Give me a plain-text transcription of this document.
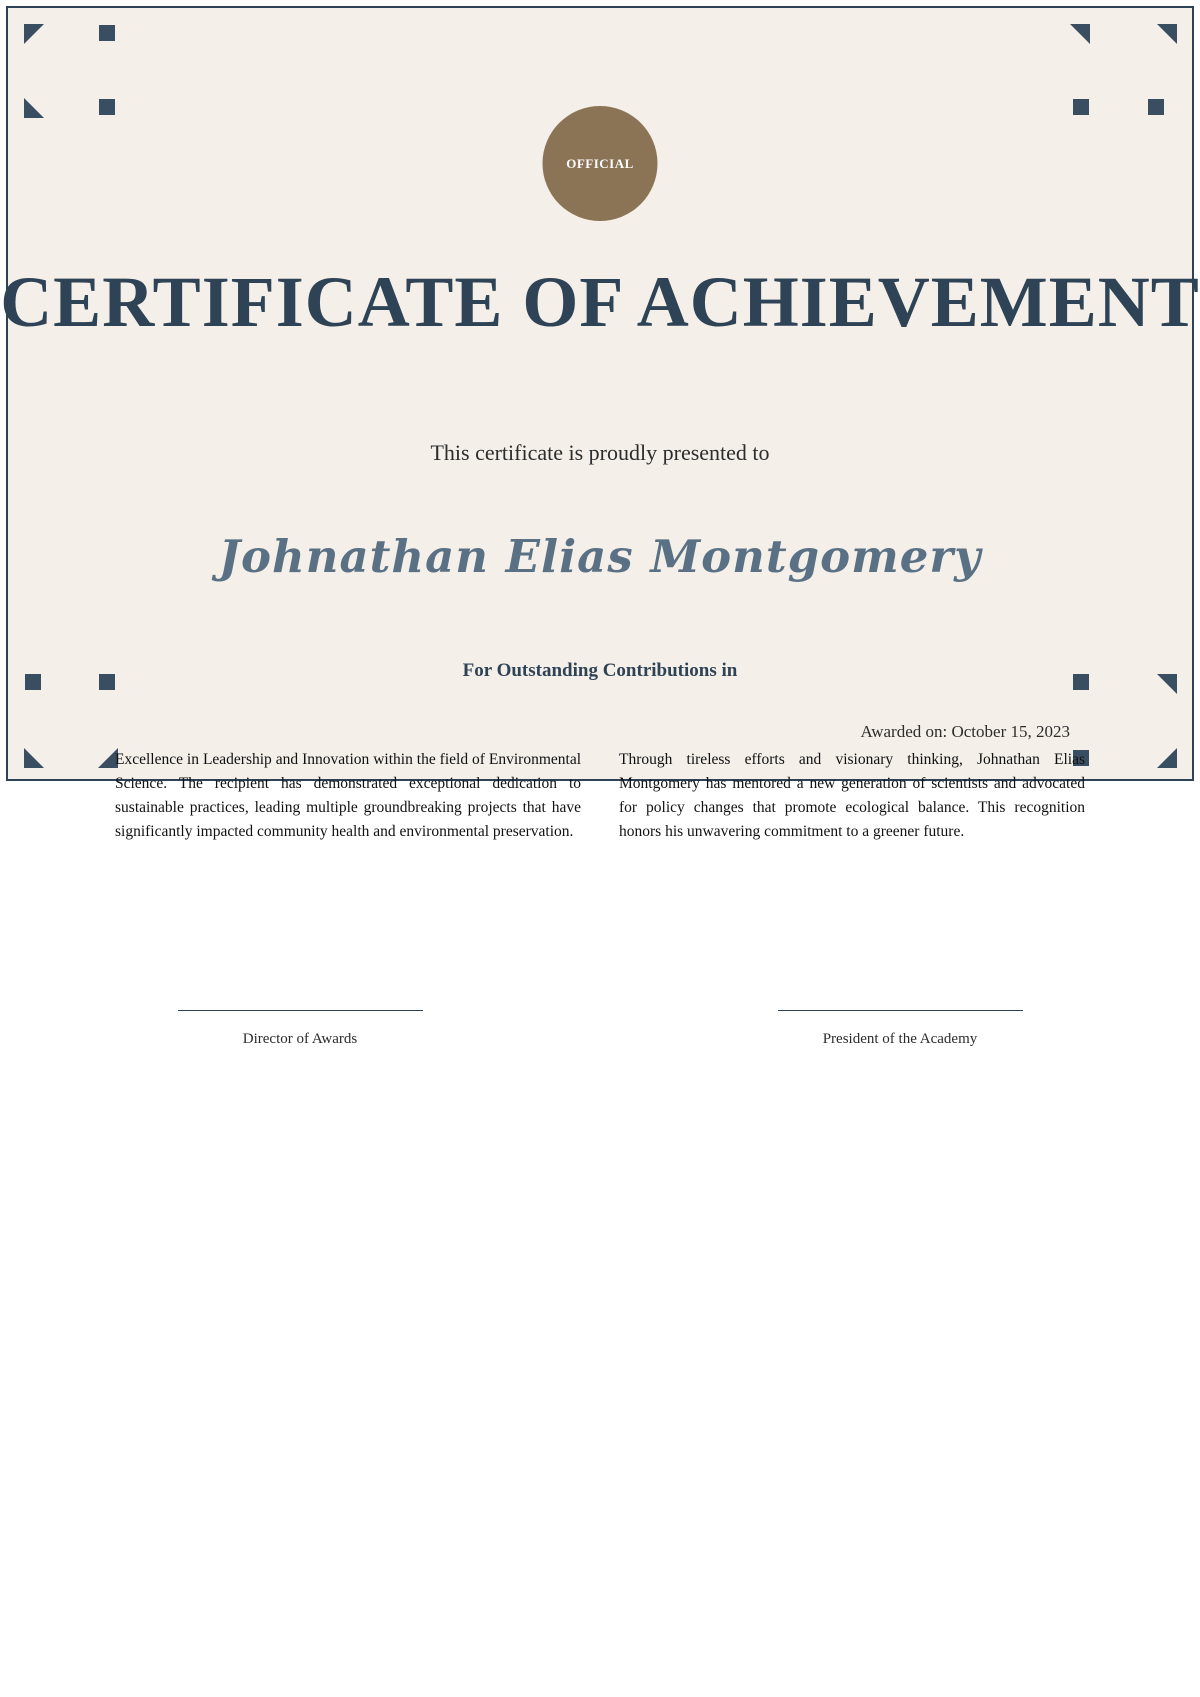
OFFICIAL
CERTIFICATE OF ACHIEVEMENT
This certificate is proudly presented to
Johnathan Elias Montgomery
For Outstanding Contributions in
Awarded on: October 15, 2023
Excellence in Leadership and Innovation within the field of Environmental Science. The recipient has demonstrated exceptional dedication to sustainable practices, leading multiple groundbreaking projects that have significantly impacted community health and environmental preservation.
Through tireless efforts and visionary thinking, Johnathan Elias Montgomery has mentored a new generation of scientists and advocated for policy changes that promote ecological balance. This recognition honors his unwavering commitment to a greener future.
Director of Awards	President of the Academy
